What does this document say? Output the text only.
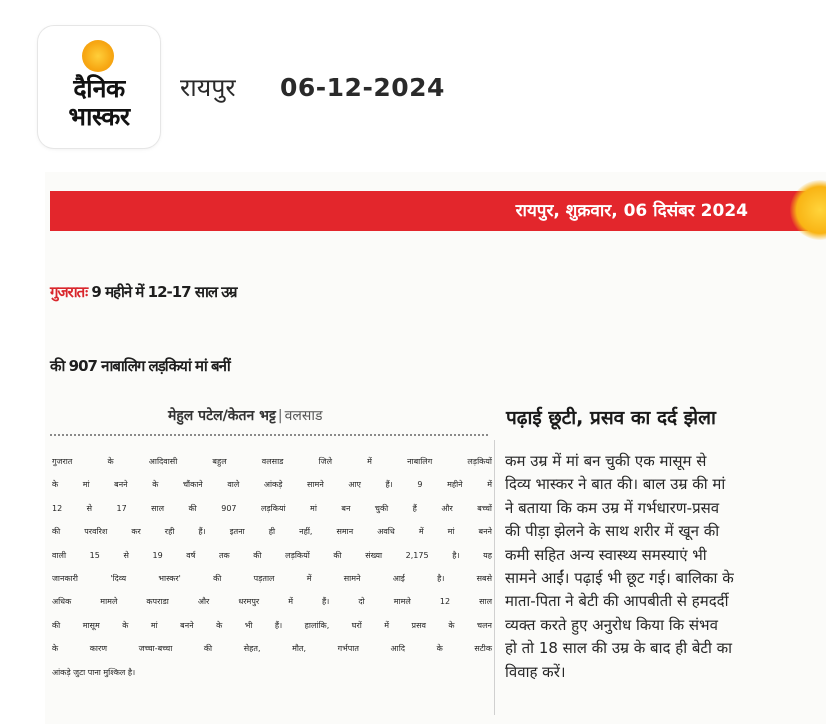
दैनिक
भास्कर
रायपुर 06-12-2024
रायपुर, शुक्रवार, 06 दिसंबर 2024
गुजरातः 9 महीने में 12-17 साल उम्र
की 907 नाबालिग लड़कियां मां बनीं
मेहुल पटेल/केतन भट्ट | वलसाड	पढ़ाई छूटी, प्रसव का दर्द झेला
गुजरात के आदिवासी बहुल वलसाड जिले में नाबालिग लड़कियों
के मां बनने के चौंकाने वाले आंकड़े सामने आए हैं। 9 महीने में
12 से 17 साल की 907 लड़कियां मां बन चुकी हैं और बच्चों
की परवरिश कर रही हैं। इतना ही नहीं, समान अवधि में मां बनने
वाली 15 से 19 वर्ष तक की लड़कियों की संख्या 2,175 है। यह
जानकारी 'दिव्य भास्कर' की पड़ताल में सामने आई है। सबसे
अधिक मामले कपराडा और धरमपुर में हैं। दो मामले 12 साल
की मासूम के मां बनने के भी हैं। हालांकि, घरों में प्रसव के चलन
के कारण जच्चा-बच्चा की सेहत, मौत, गर्भपात आदि के सटीक
आंकड़े जुटा पाना मुश्किल है।
कम उम्र में मां बन चुकी एक मासूम से
दिव्य भास्कर ने बात की। बाल उम्र की मां
ने बताया कि कम उम्र में गर्भधारण-प्रसव
की पीड़ा झेलने के साथ शरीर में खून की
कमी सहित अन्य स्वास्थ्य समस्याएं भी
सामने आईं। पढ़ाई भी छूट गई। बालिका के
माता-पिता ने बेटी की आपबीती से हमदर्दी
व्यक्त करते हुए अनुरोध किया कि संभव
हो तो 18 साल की उम्र के बाद ही बेटी का
विवाह करें।
